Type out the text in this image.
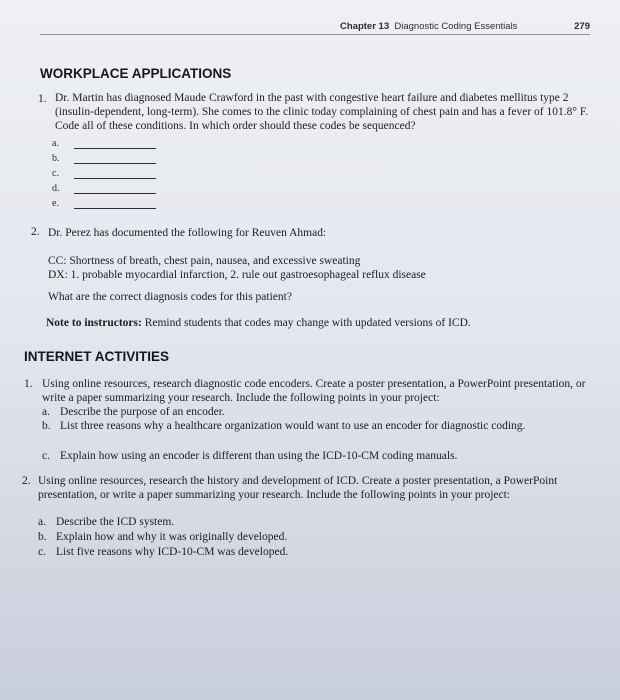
Chapter 13 Diagnostic Coding Essentials	279
WORKPLACE APPLICATIONS
1. Dr. Martin has diagnosed Maude Crawford in the past with congestive heart failure and diabetes mellitus type 2 (insulin-dependent, long-term). She comes to the clinic today complaining of chest pain and has a fever of 101.8° F. Code all of these conditions. In which order should these codes be sequenced?
a.
b.
c.
d.
e.
2. Dr. Perez has documented the following for Reuven Ahmad:
CC: Shortness of breath, chest pain, nausea, and excessive sweating
DX: 1. probable myocardial infarction, 2. rule out gastroesophageal reflux disease
What are the correct diagnosis codes for this patient?
Note to instructors: Remind students that codes may change with updated versions of ICD.
INTERNET ACTIVITIES
1. Using online resources, research diagnostic code encoders. Create a poster presentation, a PowerPoint presentation, or write a paper summarizing your research. Include the following points in your project:
a. Describe the purpose of an encoder.
b. List three reasons why a healthcare organization would want to use an encoder for diagnostic coding.
c. Explain how using an encoder is different than using the ICD-10-CM coding manuals.
2. Using online resources, research the history and development of ICD. Create a poster presentation, a PowerPoint presentation, or write a paper summarizing your research. Include the following points in your project:
a. Describe the ICD system.
b. Explain how and why it was originally developed.
c. List five reasons why ICD-10-CM was developed.
